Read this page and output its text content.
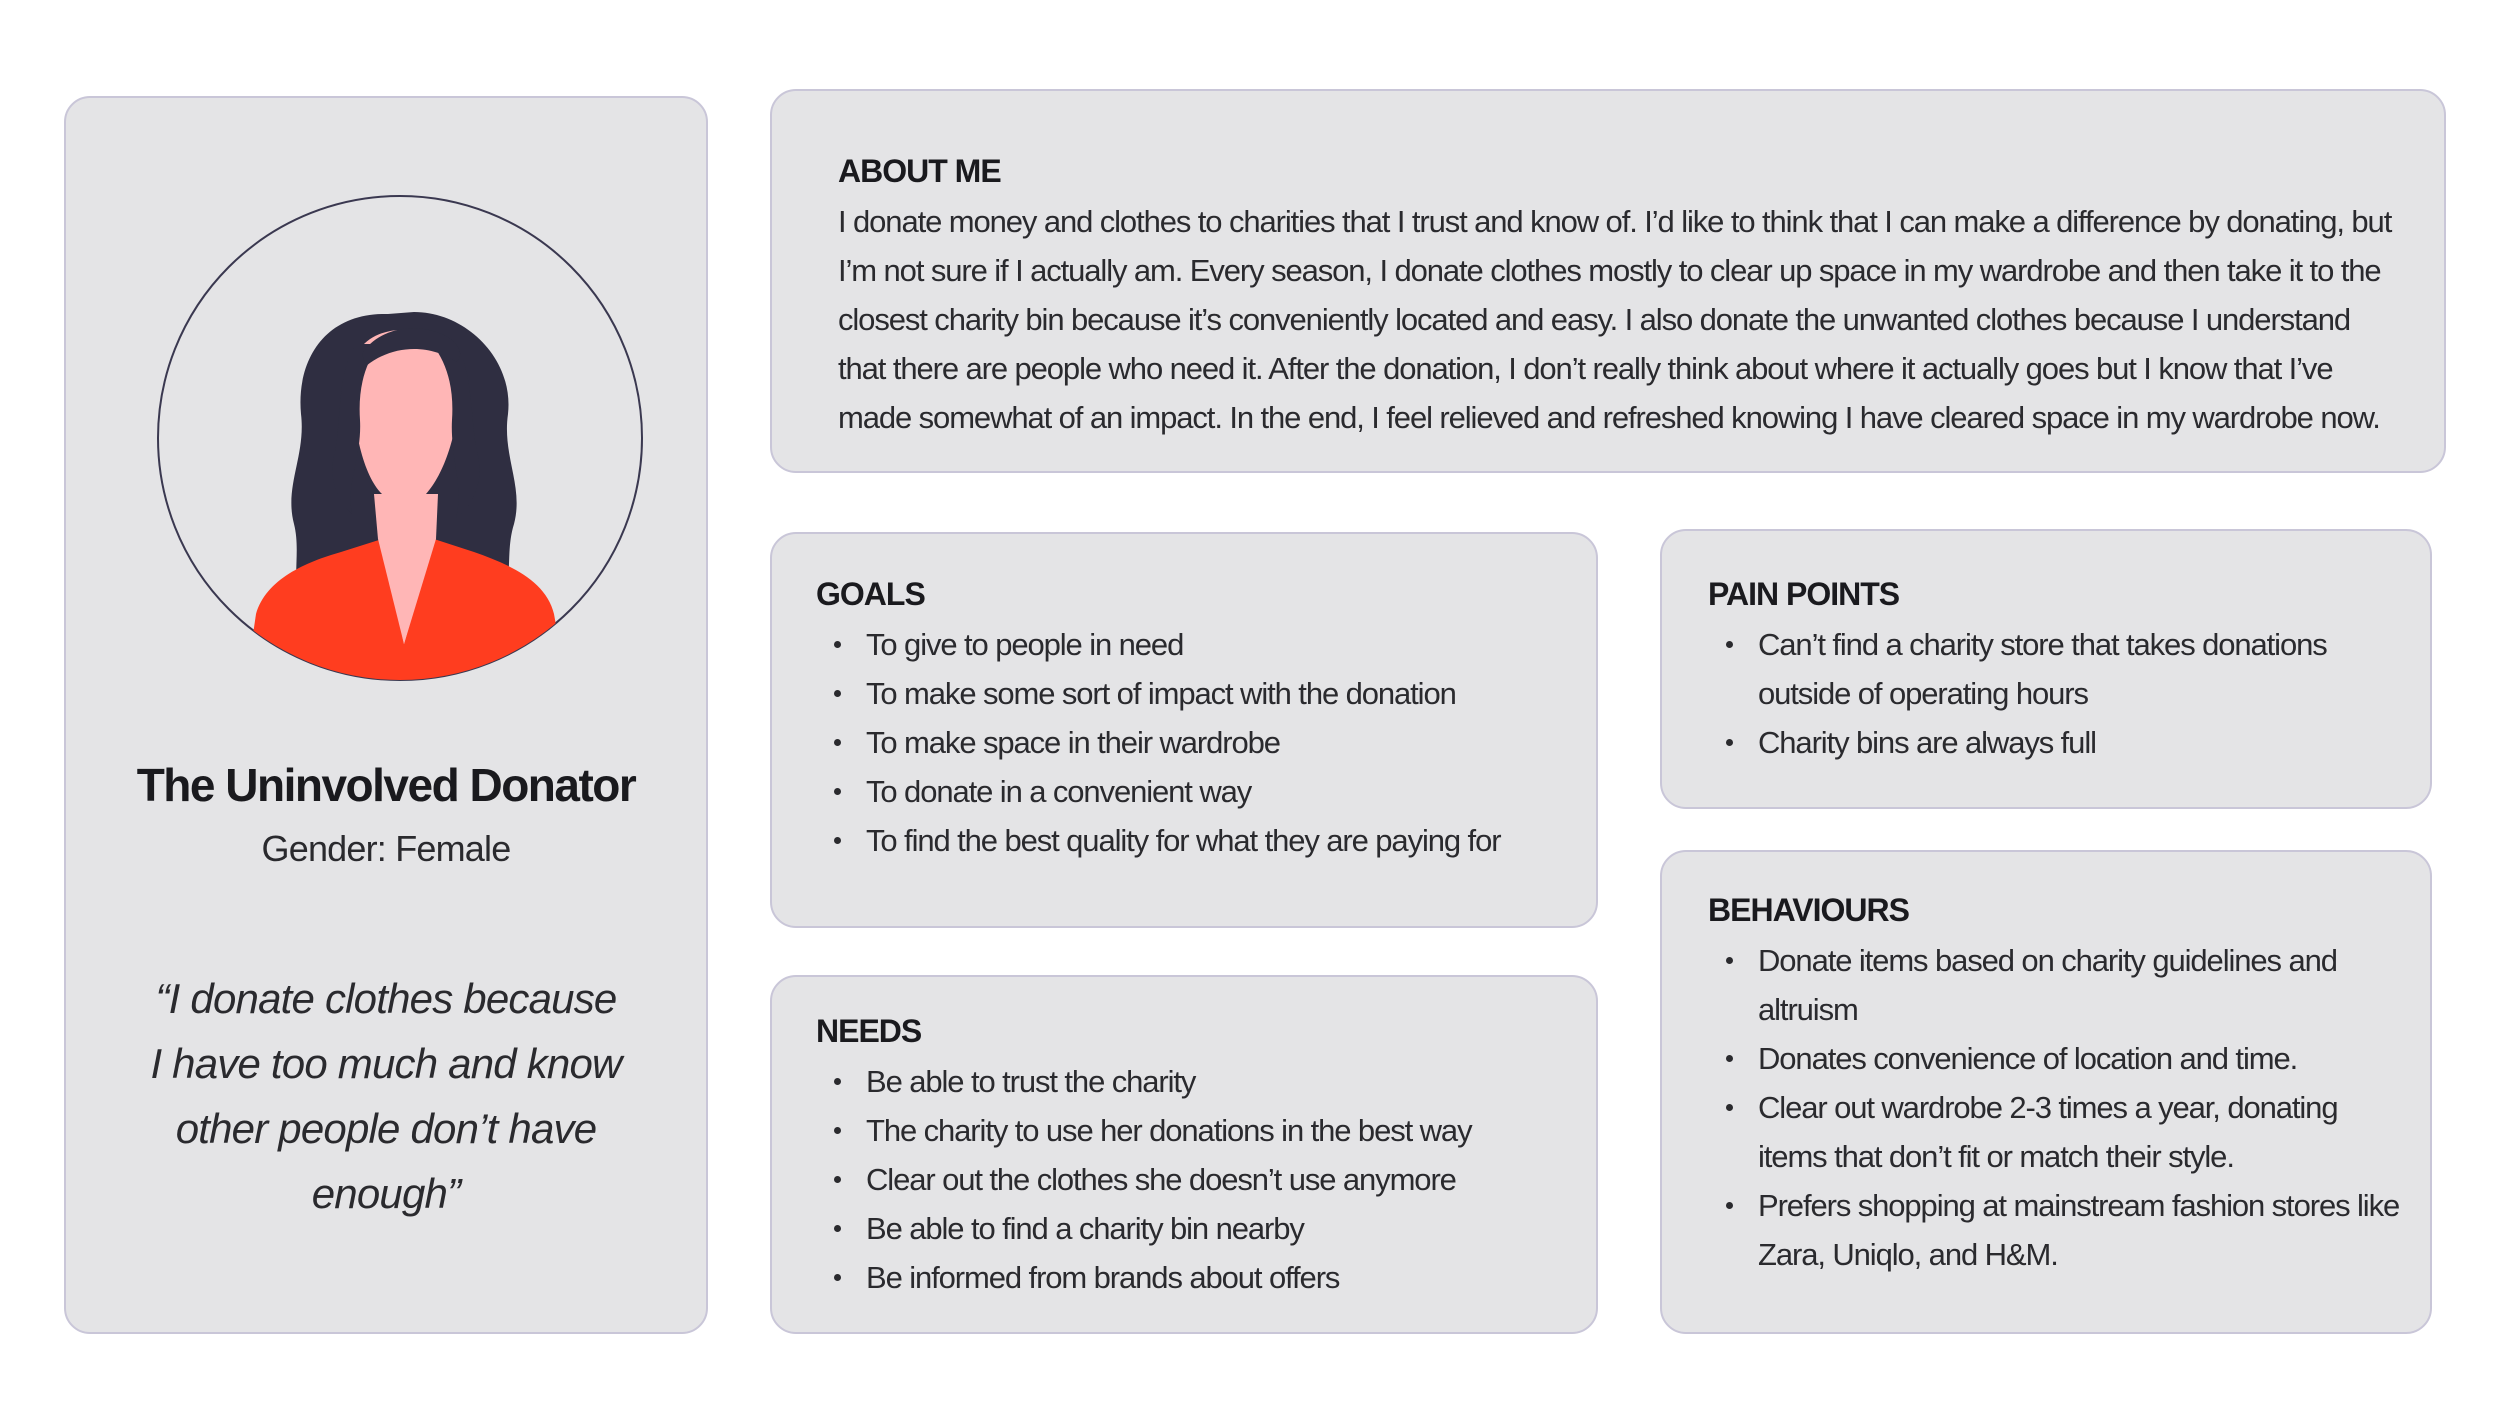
The Uninvolved Donator
Gender: Female
“I donate clothes because I have too much and know other people don’t have enough”
ABOUT ME
I donate money and clothes to charities that I trust and know of. I’d like to think that I can make a difference by donating, but I’m not sure if I actually am. Every season, I donate clothes mostly to clear up space in my wardrobe and then take it to the closest charity bin because it’s conveniently located and easy. I also donate the unwanted clothes because I understand that there are people who need it. After the donation, I don’t really think about where it actually goes but I know that I’ve made somewhat of an impact. In the end, I feel relieved and refreshed knowing I have cleared space in my wardrobe now.
GOALS
To give to people in need
To make some sort of impact with the donation
To make space in their wardrobe
To donate in a convenient way
To find the best quality for what they are paying for
NEEDS
Be able to trust the charity
The charity to use her donations in the best way
Clear out the clothes she doesn’t use anymore
Be able to find a charity bin nearby
Be informed from brands about offers
PAIN POINTS
Can’t find a charity store that takes donations outside of operating hours
Charity bins are always full
BEHAVIOURS
Donate items based on charity guidelines and altruism
Donates convenience of location and time.
Clear out wardrobe 2-3 times a year, donating items that don’t fit or match their style.
Prefers shopping at mainstream fashion stores like Zara, Uniqlo, and H&M.
